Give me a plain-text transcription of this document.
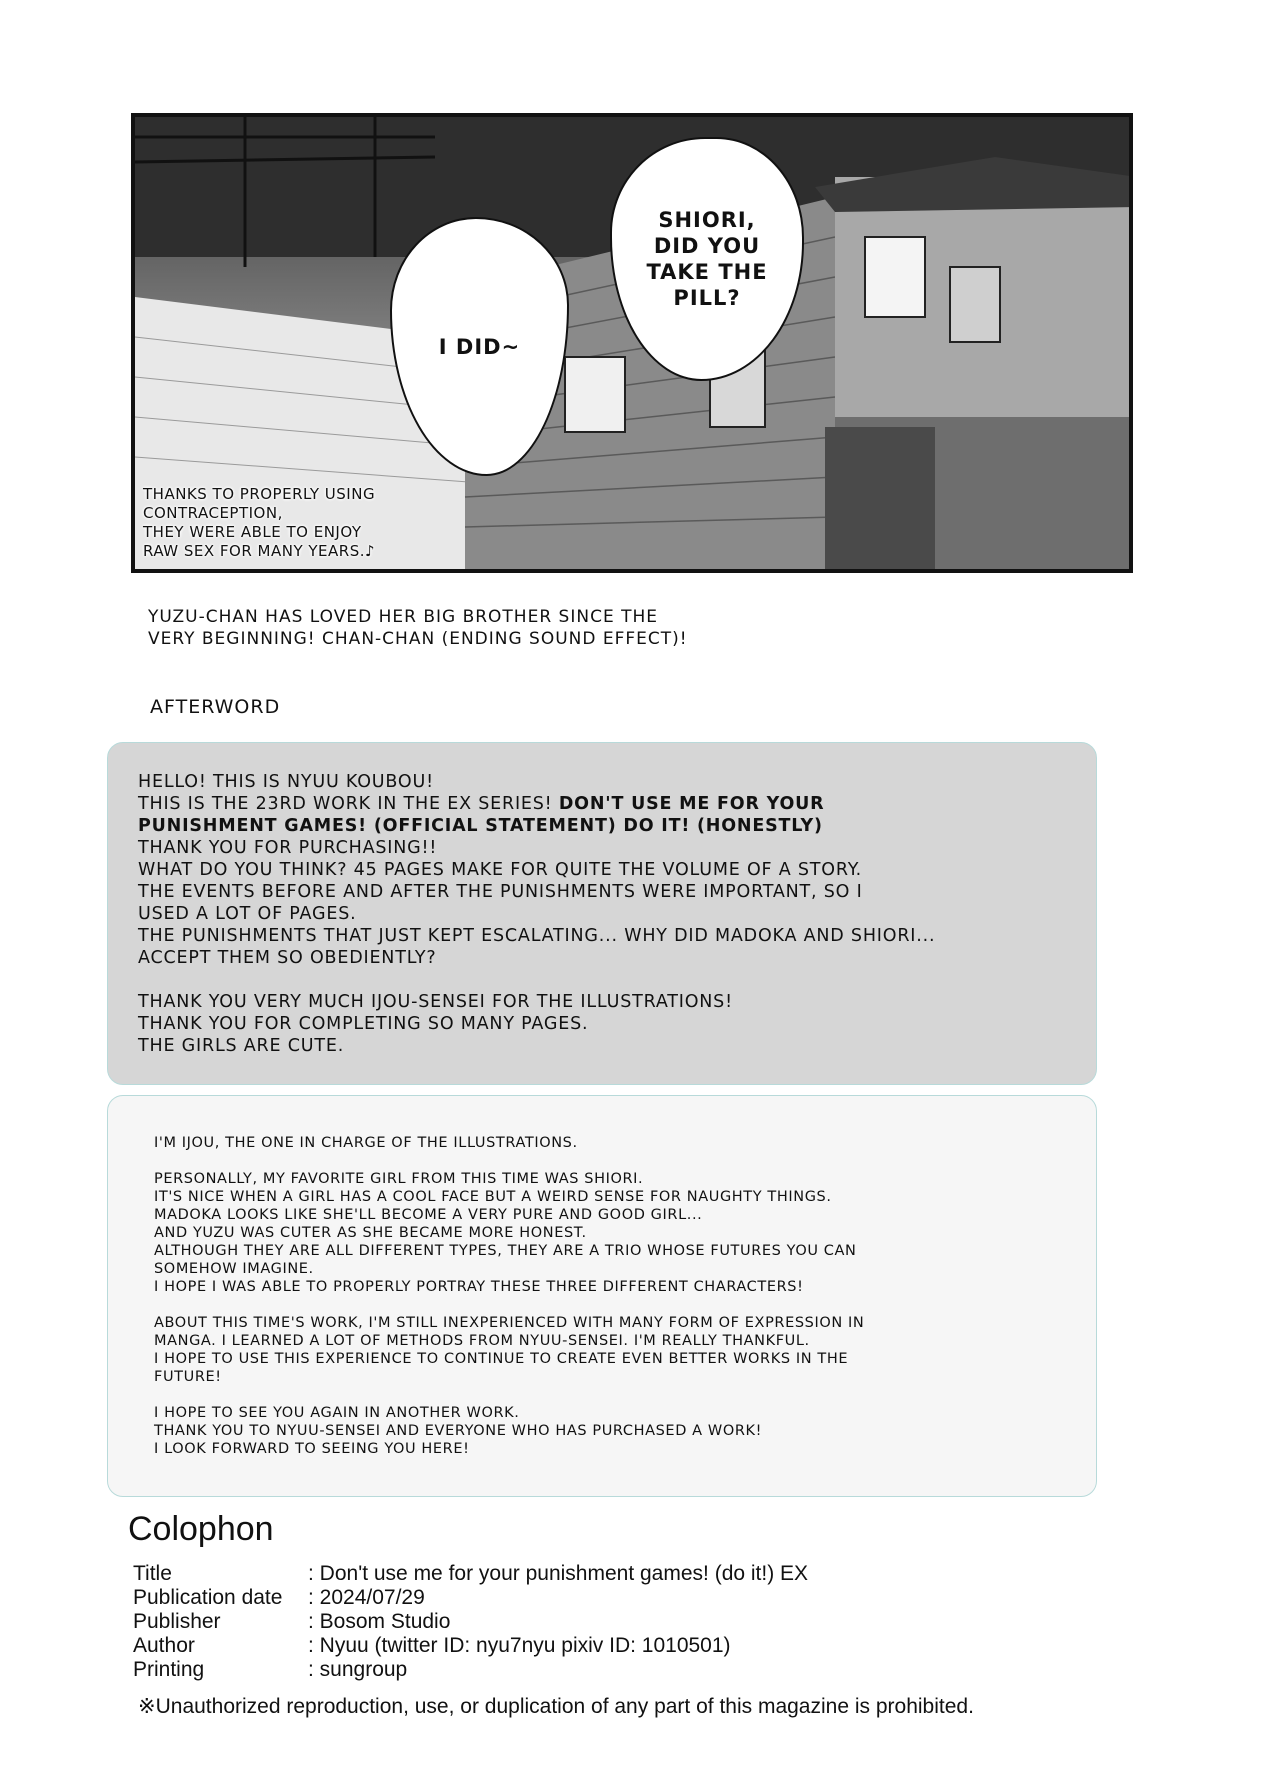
I DID~
SHIORI,
DID YOU
TAKE THE
PILL?
THANKS TO PROPERLY USING
CONTRACEPTION,
THEY WERE ABLE TO ENJOY
RAW SEX FOR MANY YEARS.♪
YUZU-CHAN HAS LOVED HER BIG BROTHER SINCE THE
VERY BEGINNING! CHAN-CHAN (ENDING SOUND EFFECT)!
AFTERWORD

HELLO! THIS IS NYUU KOUBOU!
THIS IS THE 23RD WORK IN THE EX SERIES! DON'T USE ME FOR YOUR
PUNISHMENT GAMES! (OFFICIAL STATEMENT) DO IT! (HONESTLY)
THANK YOU FOR PURCHASING!!
WHAT DO YOU THINK? 45 PAGES MAKE FOR QUITE THE VOLUME OF A STORY.
THE EVENTS BEFORE AND AFTER THE PUNISHMENTS WERE IMPORTANT, SO I
USED A LOT OF PAGES.
THE PUNISHMENTS THAT JUST KEPT ESCALATING... WHY DID MADOKA AND SHIORI...
ACCEPT THEM SO OBEDIENTLY?

THANK YOU VERY MUCH IJOU-SENSEI FOR THE ILLUSTRATIONS!
THANK YOU FOR COMPLETING SO MANY PAGES.
THE GIRLS ARE CUTE.

I'M IJOU, THE ONE IN CHARGE OF THE ILLUSTRATIONS.

PERSONALLY, MY FAVORITE GIRL FROM THIS TIME WAS SHIORI.
IT'S NICE WHEN A GIRL HAS A COOL FACE BUT A WEIRD SENSE FOR NAUGHTY THINGS.
MADOKA LOOKS LIKE SHE'LL BECOME A VERY PURE AND GOOD GIRL...
AND YUZU WAS CUTER AS SHE BECAME MORE HONEST.
ALTHOUGH THEY ARE ALL DIFFERENT TYPES, THEY ARE A TRIO WHOSE FUTURES YOU CAN
SOMEHOW IMAGINE.
I HOPE I WAS ABLE TO PROPERLY PORTRAY THESE THREE DIFFERENT CHARACTERS!

ABOUT THIS TIME'S WORK, I'M STILL INEXPERIENCED WITH MANY FORM OF EXPRESSION IN
MANGA. I LEARNED A LOT OF METHODS FROM NYUU-SENSEI. I'M REALLY THANKFUL.
I HOPE TO USE THIS EXPERIENCE TO CONTINUE TO CREATE EVEN BETTER WORKS IN THE
FUTURE!

I HOPE TO SEE YOU AGAIN IN ANOTHER WORK.
THANK YOU TO NYUU-SENSEI AND EVERYONE WHO HAS PURCHASED A WORK!
I LOOK FORWARD TO SEEING YOU HERE!

Colophon
Title	: Don't use me for your punishment games! (do it!) EX
Publication date	: 2024/07/29
Publisher	: Bosom Studio
Author	: Nyuu (twitter ID: nyu7nyu pixiv ID: 1010501)
Printing	: sungroup
※Unauthorized reproduction, use, or duplication of any part of this magazine is prohibited.
